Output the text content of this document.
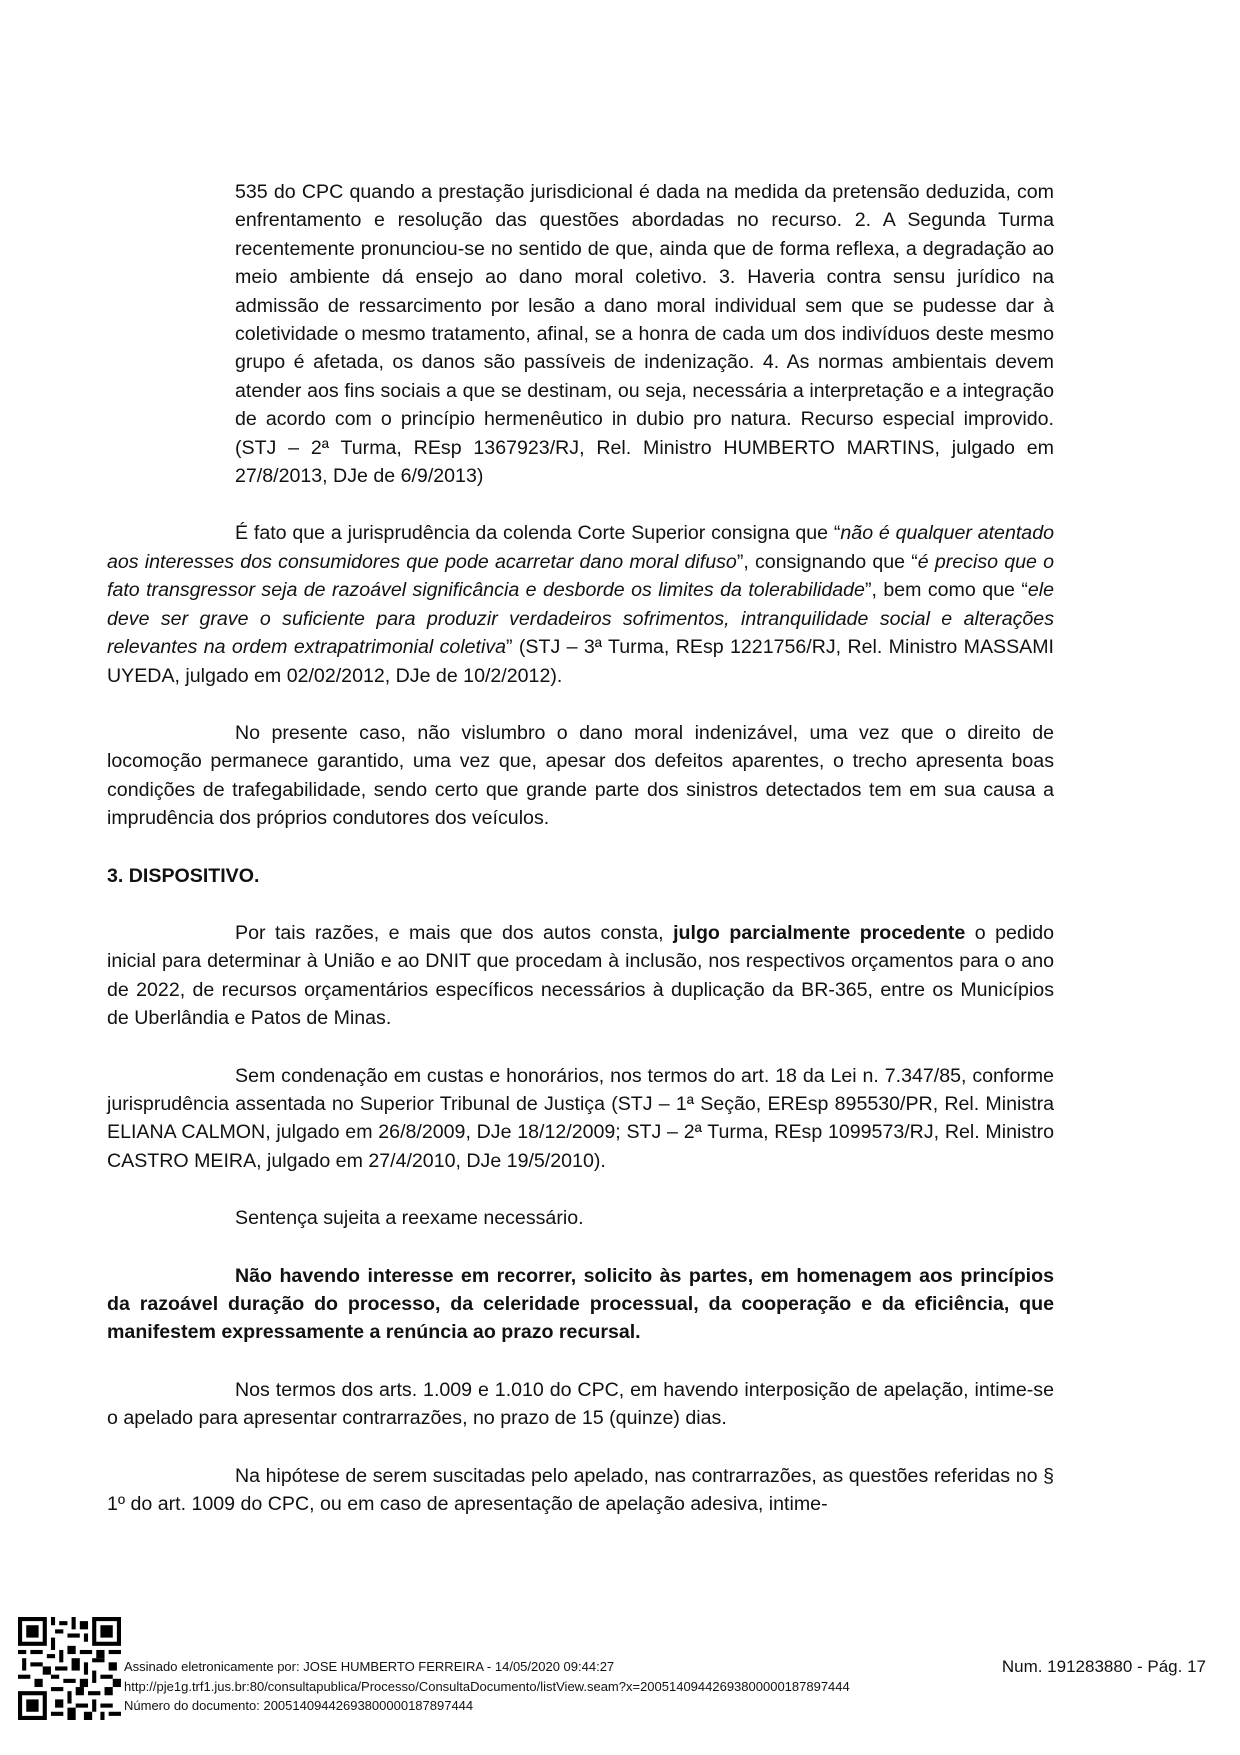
535 do CPC quando a prestação jurisdicional é dada na medida da pretensão deduzida, com enfrentamento e resolução das questões abordadas no recurso. 2. A Segunda Turma recentemente pronunciou-se no sentido de que, ainda que de forma reflexa, a degradação ao meio ambiente dá ensejo ao dano moral coletivo. 3. Haveria contra sensu jurídico na admissão de ressarcimento por lesão a dano moral individual sem que se pudesse dar à coletividade o mesmo tratamento, afinal, se a honra de cada um dos indivíduos deste mesmo grupo é afetada, os danos são passíveis de indenização. 4. As normas ambientais devem atender aos fins sociais a que se destinam, ou seja, necessária a interpretação e a integração de acordo com o princípio hermenêutico in dubio pro natura. Recurso especial improvido. (STJ – 2ª Turma, REsp 1367923/RJ, Rel. Ministro HUMBERTO MARTINS, julgado em 27/8/2013, DJe de 6/9/2013)

É fato que a jurisprudência da colenda Corte Superior consigna que “não é qualquer atentado aos interesses dos consumidores que pode acarretar dano moral difuso”, consignando que “é preciso que o fato transgressor seja de razoável significância e desborde os limites da tolerabilidade”, bem como que “ele deve ser grave o suficiente para produzir verdadeiros sofrimentos, intranquilidade social e alterações relevantes na ordem extrapatrimonial coletiva” (STJ – 3ª Turma, REsp 1221756/RJ, Rel. Ministro MASSAMI UYEDA, julgado em 02/02/2012, DJe de 10/2/2012).

No presente caso, não vislumbro o dano moral indenizável, uma vez que o direito de locomoção permanece garantido, uma vez que, apesar dos defeitos aparentes, o trecho apresenta boas condições de trafegabilidade, sendo certo que grande parte dos sinistros detectados tem em sua causa a imprudência dos próprios condutores dos veículos.

3. DISPOSITIVO.

Por tais razões, e mais que dos autos consta, julgo parcialmente procedente o pedido inicial para determinar à União e ao DNIT que procedam à inclusão, nos respectivos orçamentos para o ano de 2022, de recursos orçamentários específicos necessários à duplicação da BR-365, entre os Municípios de Uberlândia e Patos de Minas.

Sem condenação em custas e honorários, nos termos do art. 18 da Lei n. 7.347/85, conforme jurisprudência assentada no Superior Tribunal de Justiça (STJ – 1ª Seção, EREsp 895530/PR, Rel. Ministra ELIANA CALMON, julgado em 26/8/2009, DJe 18/12/2009; STJ – 2ª Turma, REsp 1099573/RJ, Rel. Ministro CASTRO MEIRA, julgado em 27/4/2010, DJe 19/5/2010).

Sentença sujeita a reexame necessário.

Não havendo interesse em recorrer, solicito às partes, em homenagem aos princípios da razoável duração do processo, da celeridade processual, da cooperação e da eficiência, que manifestem expressamente a renúncia ao prazo recursal.

Nos termos dos arts. 1.009 e 1.010 do CPC, em havendo interposição de apelação, intime-se o apelado para apresentar contrarrazões, no prazo de 15 (quinze) dias.

Na hipótese de serem suscitadas pelo apelado, nas contrarrazões, as questões referidas no § 1º do art. 1009 do CPC, ou em caso de apresentação de apelação adesiva, intime-

Assinado eletronicamente por: JOSE HUMBERTO FERREIRA - 14/05/2020 09:44:27
http://pje1g.trf1.jus.br:80/consultapublica/Processo/ConsultaDocumento/listView.seam?x=20051409442693800000187897444
Número do documento: 20051409442693800000187897444
Num. 191283880 - Pág. 17
